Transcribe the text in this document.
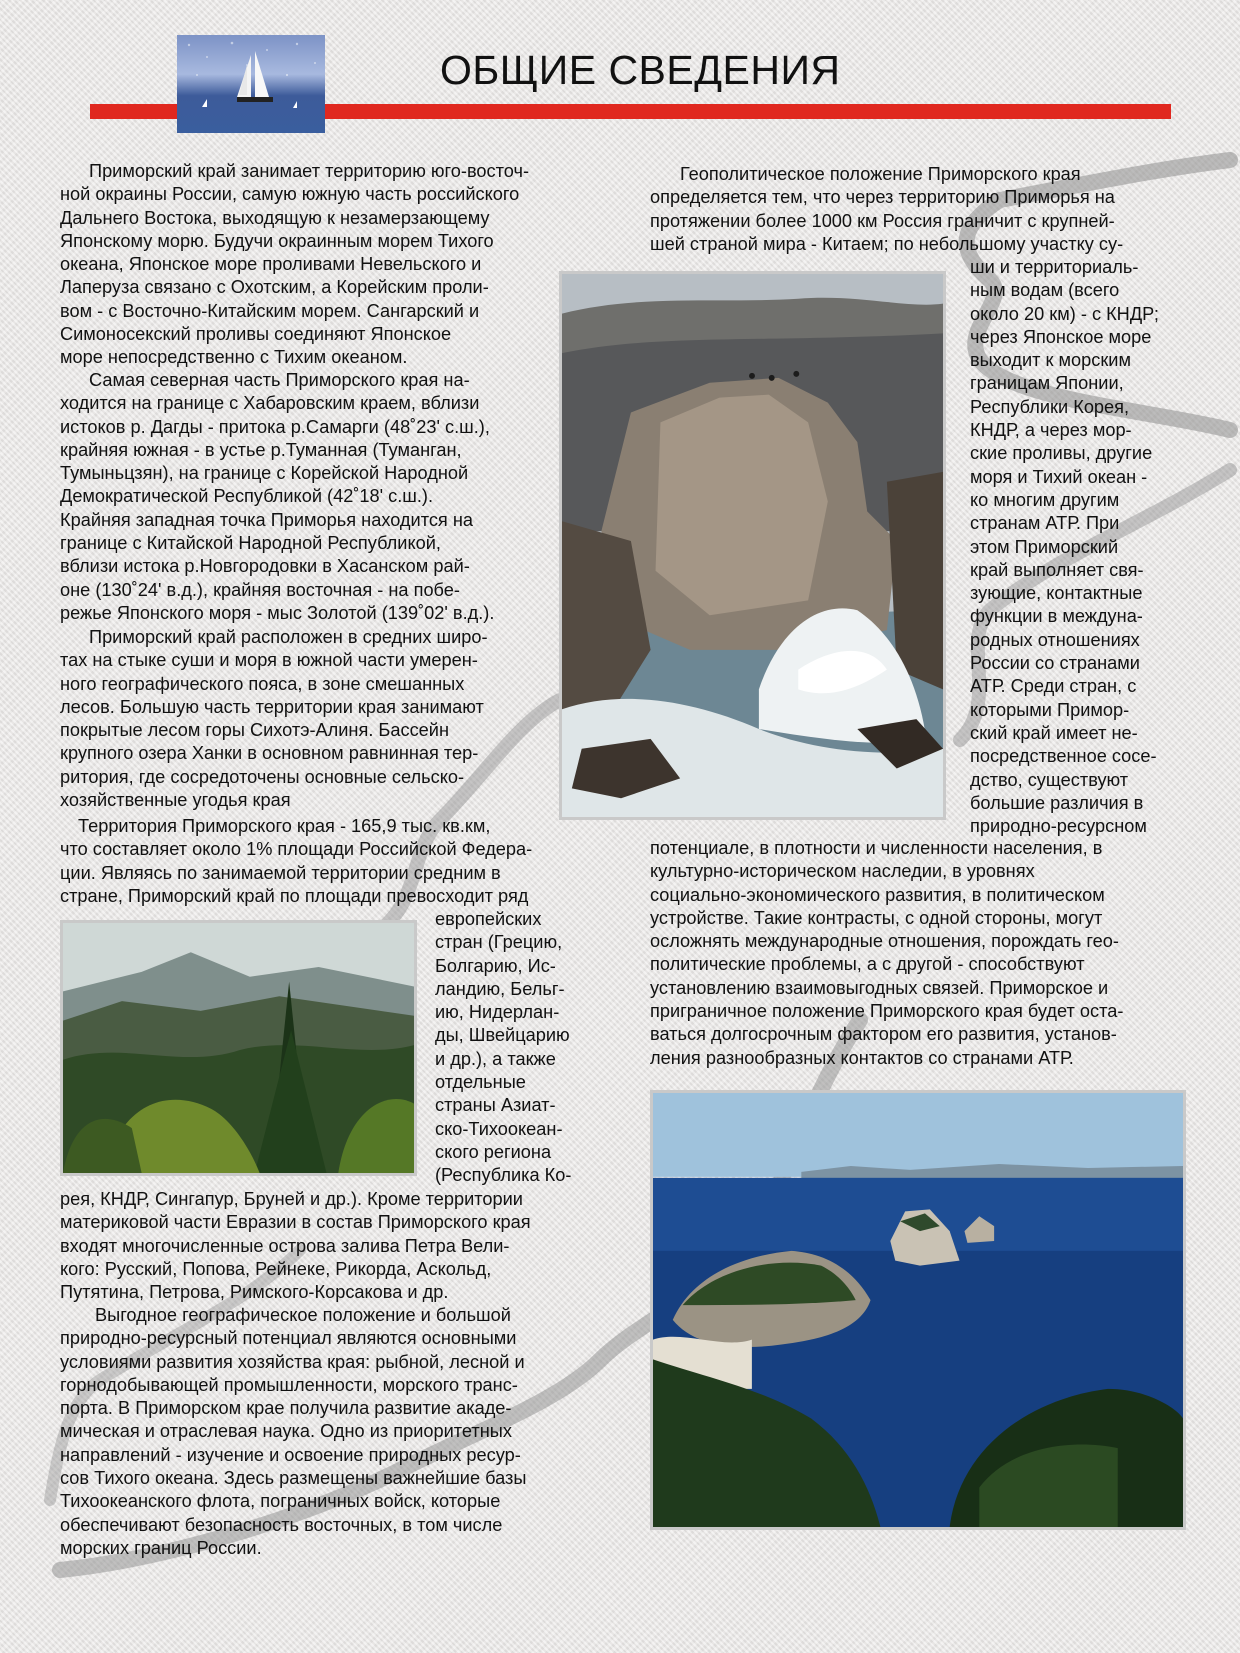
ОБЩИЕ СВЕДЕНИЯ

Приморский край занимает территорию юго-восточ-
ной окраины России, самую южную часть российского
Дальнего Востока, выходящую к незамерзающему
Японскому морю. Будучи окраинным морем Тихого
океана, Японское море проливами Невельского и
Лаперуза связано с Охотским, а Корейским проли-
вом - с Восточно-Китайским морем. Сангарский и
Симоносекский проливы соединяют Японское
море непосредственно с Тихим океаном.

Самая северная часть Приморского края на-
ходится на границе с Хабаровским краем, вблизи
истоков р. Дагды - притока р.Самарги (48˚23' с.ш.),
крайняя южная - в устье р.Туманная (Туманган,
Тумыньцзян), на границе с Корейской Народной
Демократической Республикой (42˚18' с.ш.).
Крайняя западная точка Приморья находится на
границе с Китайской Народной Республикой,
вблизи истока р.Новгородовки в Хасанском рай-
оне (130˚24' в.д.), крайняя восточная - на побе-
режье Японского моря - мыс Золотой (139˚02' в.д.).

Приморский край расположен в средних широ-
тах на стыке суши и моря в южной части умерен-
ного географического пояса, в зоне смешанных
лесов. Большую часть территории края занимают
покрытые лесом горы Сихотэ-Алиня. Бассейн
крупного озера Ханки в основном равнинная тер-
ритория, где сосредоточены основные сельско-
хозяйственные угодья края

Территория Приморского края - 165,9 тыс. кв.км,
что составляет около 1% площади Российской Федера-
ции. Являясь по занимаемой территории средним в
стране, Приморский край по площади превосходит ряд

европейских
стран (Грецию,
Болгарию, Ис-
ландию, Бельг-
ию, Нидерлан-
ды, Швейцарию
и др.), а также
отдельные
страны Азиат-
ско-Тихоокеан-
ского региона
(Республика Ко-

рея, КНДР, Сингапур, Бруней и др.). Кроме территории
материковой части Евразии в состав Приморского края
входят многочисленные острова залива Петра Вели-
кого: Русский, Попова, Рейнеке, Рикорда, Аскольд,
Путятина, Петрова, Римского-Корсакова и др.

Выгодное географическое положение и большой
природно-ресурсный потенциал являются основными
условиями развития хозяйства края: рыбной, лесной и
горнодобывающей промышленности, морского транс-
порта. В Приморском крае получила развитие акаде-
мическая и отраслевая наука. Одно из приоритетных
направлений - изучение и освоение природных ресур-
сов Тихого океана. Здесь размещены важнейшие базы
Тихоокеанского флота, пограничных войск, которые
обеспечивают безопасность восточных, в том числе
морских границ России.

Геополитическое положение Приморского края
определяется тем, что через территорию Приморья на
протяжении более 1000 км Россия граничит с крупней-
шей страной мира - Китаем; по небольшому участку су-

ши и территориаль-
ным водам (всего
около 20 км) - с КНДР;
через Японское море
выходит к морским
границам Японии,
Республики Корея,
КНДР, а через мор-
ские проливы, другие
моря и Тихий океан -
ко многим другим
странам АТР. При
этом Приморский
край выполняет свя-
зующие, контактные
функции в междуна-
родных отношениях
России со странами
АТР. Среди стран, с
которыми Примор-
ский край имеет не-
посредственное сосе-
дство, существуют
большие различия в
природно-ресурсном

потенциале, в плотности и численности населения, в
культурно-историческом наследии, в уровнях
социально-экономического развития, в политическом
устройстве. Такие контрасты, с одной стороны, могут
осложнять международные отношения, порождать гео-
политические проблемы, а с другой - способствуют
установлению взаимовыгодных связей. Приморское и
приграничное положение Приморского края будет оста-
ваться долгосрочным фактором его развития, установ-
ления разнообразных контактов со странами АТР.
